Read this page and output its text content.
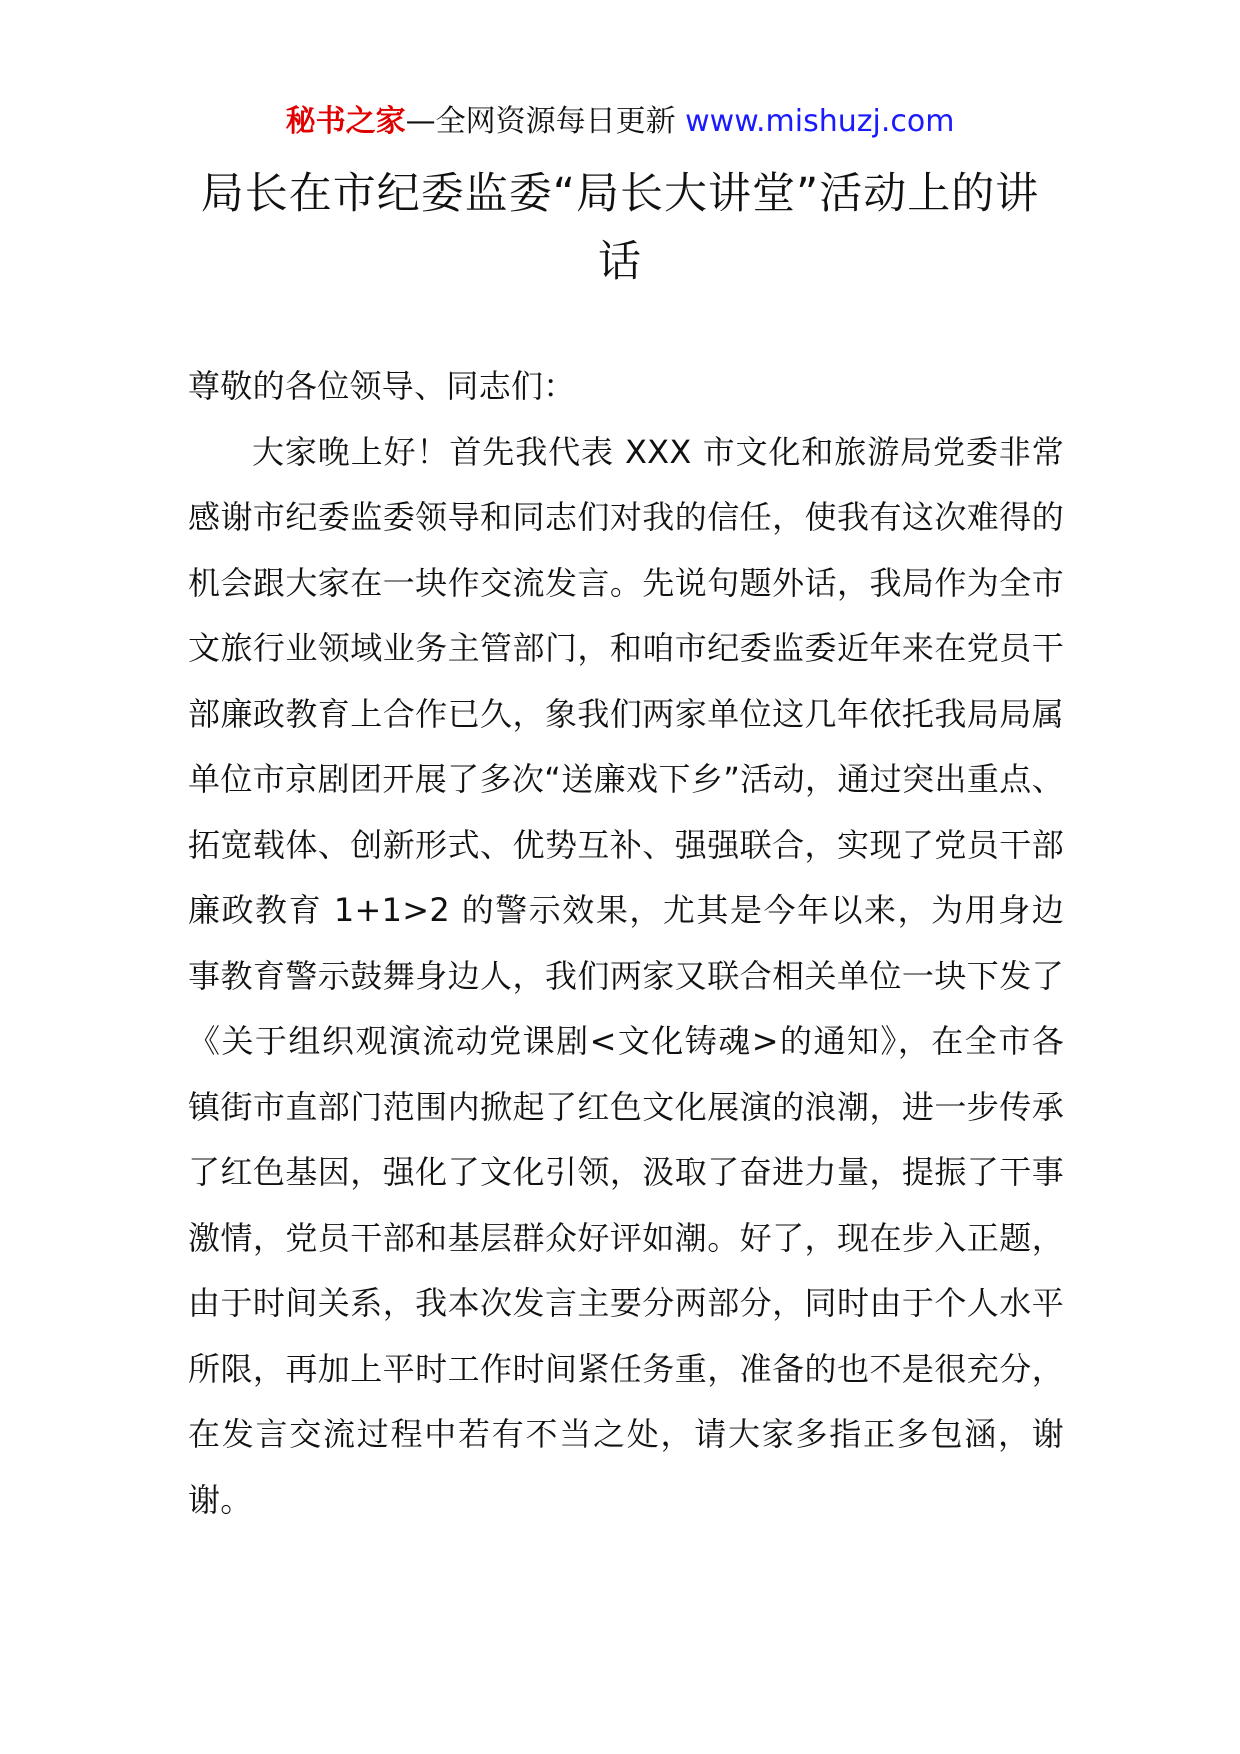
秘书之家—全网资源每日更新 www.mishuzj.com
局长在市纪委监委“局长大讲堂”活动上的讲话

尊敬的各位领导、同志们：

大家晚上好！首先我代表 XXX 市文化和旅游局党委非常感谢市纪委监委领导和同志们对我的信任，使我有这次难得的机会跟大家在一块作交流发言。先说句题外话，我局作为全市文旅行业领域业务主管部门，和咱市纪委监委近年来在党员干部廉政教育上合作已久，象我们两家单位这几年依托我局局属单位市京剧团开展了多次“送廉戏下乡”活动，通过突出重点、拓宽载体、创新形式、优势互补、强强联合，实现了党员干部廉政教育 1+1>2 的警示效果，尤其是今年以来，为用身边事教育警示鼓舞身边人，我们两家又联合相关单位一块下发了《关于组织观演流动党课剧<文化铸魂>的通知》，在全市各镇街市直部门范围内掀起了红色文化展演的浪潮，进一步传承了红色基因，强化了文化引领，汲取了奋进力量，提振了干事激情，党员干部和基层群众好评如潮。好了，现在步入正题，由于时间关系，我本次发言主要分两部分，同时由于个人水平所限，再加上平时工作时间紧任务重，准备的也不是很充分，在发言交流过程中若有不当之处，请大家多指正多包涵，谢谢。
